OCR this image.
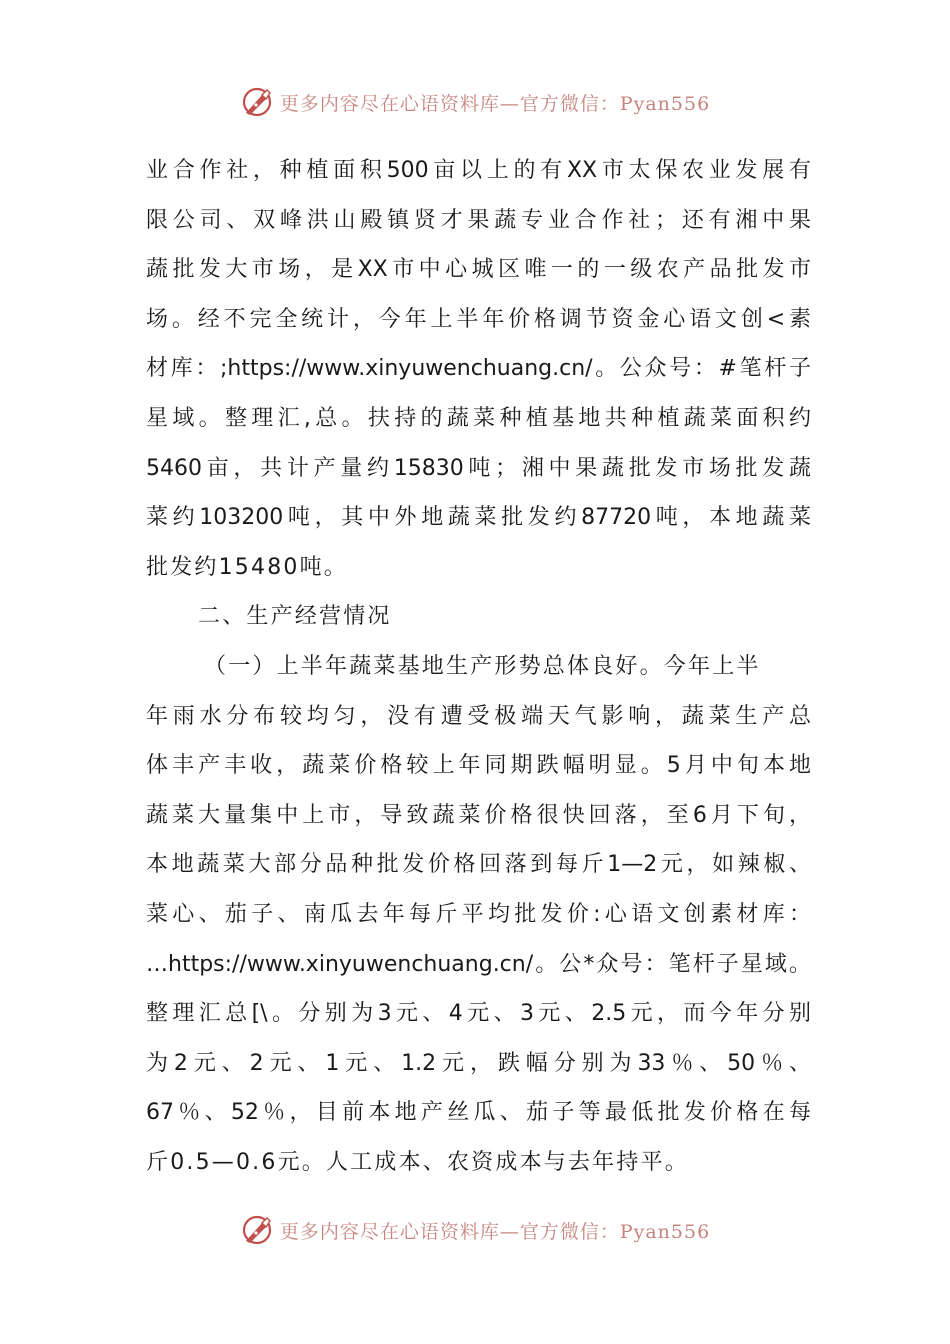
更多内容尽在心语资料库—官方微信：Pyan556
业合作社，种植面积500亩以上的有XX市太保农业发展有
限公司、双峰洪山殿镇贤才果蔬专业合作社；还有湘中果
蔬批发大市场，是XX市中心城区唯一的一级农产品批发市
场。经不完全统计，今年上半年价格调节资金心语文创<素
材库：;https://www.xinyuwenchuang.cn/。公众号：#笔杆子
星域。整理汇,总。扶持的蔬菜种植基地共种植蔬菜面积约
5460亩，共计产量约15830吨；湘中果蔬批发市场批发蔬
菜约103200吨，其中外地蔬菜批发约87720吨，本地蔬菜
批发约15480吨。
二、生产经营情况
（一）上半年蔬菜基地生产形势总体良好。今年上半
年雨水分布较均匀，没有遭受极端天气影响，蔬菜生产总
体丰产丰收，蔬菜价格较上年同期跌幅明显。5月中旬本地
蔬菜大量集中上市，导致蔬菜价格很快回落，至6月下旬，
本地蔬菜大部分品种批发价格回落到每斤1—2元，如辣椒、
菜心、茄子、南瓜去年每斤平均批发价:心语文创素材库：
…https://www.xinyuwenchuang.cn/。公*众号：笔杆子星域。
整理汇总[\。分别为3元、4元、3元、2.5元，而今年分别
为2元、2元、1元、1.2元，跌幅分别为33％、50％、
67％、52％，目前本地产丝瓜、茄子等最低批发价格在每
斤0.5—0.6元。人工成本、农资成本与去年持平。
更多内容尽在心语资料库—官方微信：Pyan556
